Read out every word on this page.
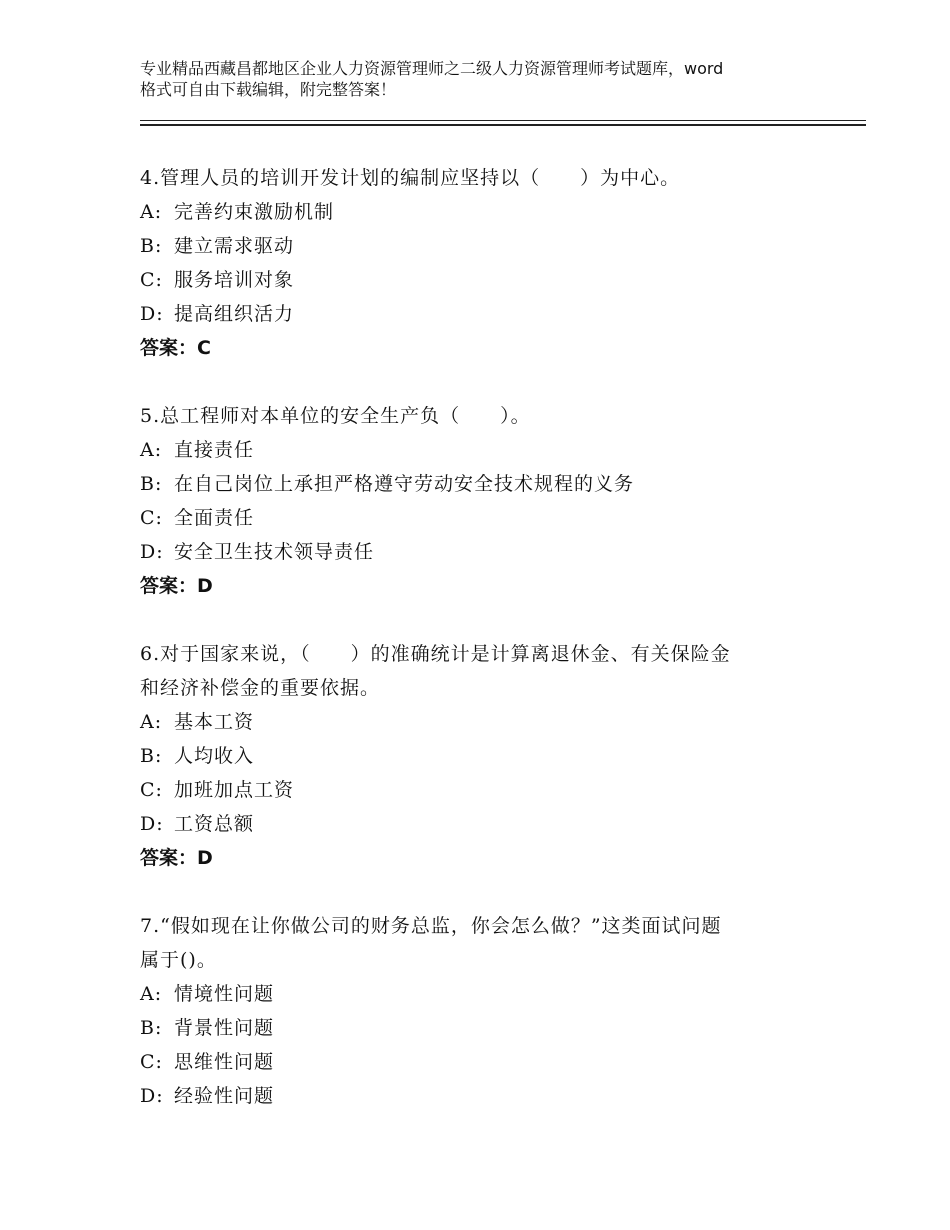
专业精品西藏昌都地区企业人力资源管理师之二级人力资源管理师考试题库，word
格式可自由下载编辑，附完整答案！
4.管理人员的培训开发计划的编制应坚持以（　　）为中心。
A: 完善约束激励机制
B: 建立需求驱动
C: 服务培训对象
D: 提高组织活力
答案：C
5.总工程师对本单位的安全生产负（　　）。
A: 直接责任
B: 在自己岗位上承担严格遵守劳动安全技术规程的义务
C: 全面责任
D: 安全卫生技术领导责任
答案：D
6.对于国家来说，（　　）的准确统计是计算离退休金、有关保险金
和经济补偿金的重要依据。
A: 基本工资
B: 人均收入
C: 加班加点工资
D: 工资总额
答案：D
7.“假如现在让你做公司的财务总监，你会怎么做？”这类面试问题
属于()。
A: 情境性问题
B: 背景性问题
C: 思维性问题
D: 经验性问题
